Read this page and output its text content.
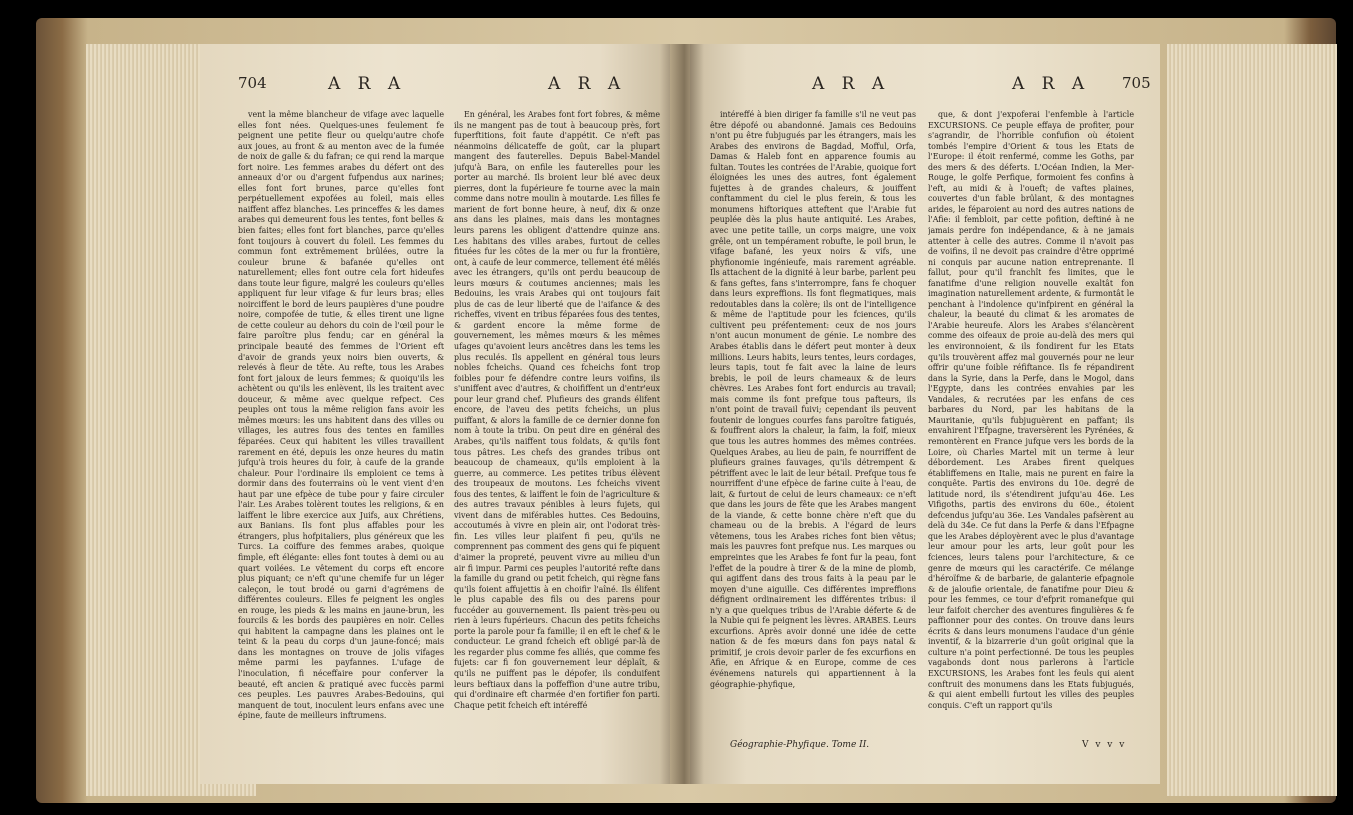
704	A R A	A R A

vent la même blancheur de vifage avec laquelle elles font nées. Quelques-unes feulement fe peignent une petite fleur ou quelqu'autre chofe aux joues, au front & au menton avec de la fumée de noix de galle & du fafran; ce qui rend la marque fort noire. Les femmes arabes du défert ont des anneaux d'or ou d'argent fufpendus aux narines; elles font fort brunes, parce qu'elles font perpétuellement expofées au foleil, mais elles naiffent affez blanches. Les princeffes & les dames arabes qui demeurent fous les tentes, font belles & bien faites; elles font fort blanches, parce qu'elles font toujours à couvert du foleil. Les femmes du commun font extrêmement brûlées, outre la couleur brune & bafanée qu'elles ont naturellement; elles font outre cela fort hideufes dans toute leur figure, malgré les couleurs qu'elles appliquent fur leur vifage & fur leurs bras; elles noirciffent le bord de leurs paupières d'une poudre noire, compofée de tutie, & elles tirent une ligne de cette couleur au dehors du coin de l'œil pour le faire paroître plus fendu; car en général la principale beauté des femmes de l'Orient eft d'avoir de grands yeux noirs bien ouverts, & relevés à fleur de tête. Au refte, tous les Arabes font fort jaloux de leurs femmes; & quoiqu'ils les achètent ou qu'ils les enlèvent, ils les traitent avec douceur, & même avec quelque refpect. Ces peuples ont tous la même religion fans avoir les mêmes mœurs: les uns habitent dans des villes ou villages, les autres fous des tentes en familles féparées. Ceux qui habitent les villes travaillent rarement en été, depuis les onze heures du matin jufqu'à trois heures du foir, à caufe de la grande chaleur. Pour l'ordinaire ils emploient ce tems à dormir dans des fouterrains où le vent vient d'en haut par une efpèce de tube pour y faire circuler l'air. Les Arabes tolèrent toutes les religions, & en laiffent le libre exercice aux Juifs, aux Chrétiens, aux Banians. Ils font plus affables pour les étrangers, plus hofpitaliers, plus généreux que les Turcs. La coiffure des femmes arabes, quoique fimple, eft élégante: elles font toutes à demi ou au quart voilées. Le vêtement du corps eft encore plus piquant; ce n'eft qu'une chemife fur un léger caleçon, le tout brodé ou garni d'agrémens de différentes couleurs. Elles fe peignent les ongles en rouge, les pieds & les mains en jaune-brun, les fourcils & les bords des paupières en noir. Celles qui habitent la campagne dans les plaines ont le teint & la peau du corps d'un jaune-foncé; mais dans les montagnes on trouve de jolis vifages même parmi les payfannes. L'ufage de l'inoculation, fi néceffaire pour conferver la beauté, eft ancien & pratiqué avec fuccès parmi ces peuples. Les pauvres Arabes-Bedouins, qui manquent de tout, inoculent leurs enfans avec une épine, faute de meilleurs inftrumens.

En général, les Arabes font fort fobres, & même ils ne mangent pas de tout à beaucoup près, fort fuperftitions, foit faute d'appétit. Ce n'eft pas néanmoins délicateffe de goût, car la plupart mangent des fauterelles. Depuis Babel-Mandel jufqu'à Bara, on enfile les fauterelles pour les porter au marché. Ils broient leur blé avec deux pierres, dont la fupérieure fe tourne avec la main comme dans notre moulin à moutarde. Les filles fe marient de fort bonne heure, à neuf, dix & onze ans dans les plaines, mais dans les montagnes leurs parens les obligent d'attendre quinze ans. Les habitans des villes arabes, furtout de celles fituées fur les côtes de la mer ou fur la frontière, ont, à caufe de leur commerce, tellement été mêlés avec les étrangers, qu'ils ont perdu beaucoup de leurs mœurs & coutumes anciennes; mais les Bedouins, les vrais Arabes qui ont toujours fait plus de cas de leur liberté que de l'aifance & des richeffes, vivent en tribus féparées fous des tentes, & gardent encore la même forme de gouvernement, les mêmes mœurs & les mêmes ufages qu'avoient leurs ancêtres dans les tems les plus reculés. Ils appellent en général tous leurs nobles fcheichs. Quand ces fcheichs font trop foibles pour fe défendre contre leurs voifins, ils s'uniffent avec d'autres, & choififfent un d'entr'eux pour leur grand chef. Plufieurs des grands élifent encore, de l'aveu des petits fcheichs, un plus puiffant, & alors la famille de ce dernier donne fon nom à toute la tribu. On peut dire en général des Arabes, qu'ils naiffent tous foldats, & qu'ils font tous pâtres. Les chefs des grandes tribus ont beaucoup de chameaux, qu'ils emploient à la guerre, au commerce. Les petites tribus élèvent des troupeaux de moutons. Les fcheichs vivent fous des tentes, & laiffent le foin de l'agriculture & des autres travaux pénibles à leurs fujets, qui vivent dans de miférables huttes. Ces Bedouins, accoutumés à vivre en plein air, ont l'odorat très-fin. Les villes leur plaifent fi peu, qu'ils ne comprennent pas comment des gens qui fe piquent d'aimer la propreté, peuvent vivre au milieu d'un air fi impur. Parmi ces peuples l'autorité refte dans la famille du grand ou petit fcheich, qui règne fans qu'ils foient affujettis à en choifir l'aîné. Ils élifent le plus capable des fils ou des parens pour fuccéder au gouvernement. Ils paient très-peu ou rien à leurs fupérieurs. Chacun des petits fcheichs porte la parole pour fa famille; il en eft le chef & le conducteur. Le grand fcheich eft obligé par-là de les regarder plus comme fes alliés, que comme fes fujets: car fi fon gouvernement leur déplaît, & qu'ils ne puiffent pas le dépofer, ils conduifent leurs beftiaux dans la poffeffion d'une autre tribu, qui d'ordinaire eft charmée d'en fortifier fon parti. Chaque petit fcheich eft intéreffé

A R A	A R A 705

intéreffé à bien diriger fa famille s'il ne veut pas être dépofé ou abandonné. Jamais ces Bedouins n'ont pu être fubjugués par les étrangers, mais les Arabes des environs de Bagdad, Mofful, Orfa, Damas & Haleb font en apparence foumis au fultan. Toutes les contrées de l'Arabie, quoique fort éloignées les unes des autres, font également fujettes à de grandes chaleurs, & jouiffent conftamment du ciel le plus ferein, & tous les monumens hiftoriques atteftent que l'Arabie fut peuplée dès la plus haute antiquité. Les Arabes, avec une petite taille, un corps maigre, une voix grêle, ont un tempérament robufte, le poil brun, le vifage bafané, les yeux noirs & vifs, une phyfionomie ingénieufe, mais rarement agréable. Ils attachent de la dignité à leur barbe, parlent peu & fans geftes, fans s'interrompre, fans fe choquer dans leurs expreffions. Ils font flegmatiques, mais redoutables dans la colère; ils ont de l'intelligence & même de l'aptitude pour les fciences, qu'ils cultivent peu préfentement: ceux de nos jours n'ont aucun monument de génie. Le nombre des Arabes établis dans le défert peut monter à deux millions. Leurs habits, leurs tentes, leurs cordages, leurs tapis, tout fe fait avec la laine de leurs brebis, le poil de leurs chameaux & de leurs chèvres. Les Arabes font fort endurcis au travail; mais comme ils font prefque tous pafteurs, ils n'ont point de travail fuivi; cependant ils peuvent foutenir de longues courfes fans paroître fatigués, & fouffrent alors la chaleur, la faim, la foif, mieux que tous les autres hommes des mêmes contrées. Quelques Arabes, au lieu de pain, fe nourriffent de plufieurs graines fauvages, qu'ils détrempent & pétriffent avec le lait de leur bétail. Prefque tous fe nourriffent d'une efpèce de farine cuite à l'eau, de lait, & furtout de celui de leurs chameaux: ce n'eft que dans les jours de fête que les Arabes mangent de la viande, & cette bonne chère n'eft que du chameau ou de la brebis. A l'égard de leurs vêtemens, tous les Arabes riches font bien vêtus; mais les pauvres font prefque nus. Les marques ou empreintes que les Arabes fe font fur la peau, font l'effet de la poudre à tirer & de la mine de plomb, qui agiffent dans des trous faits à la peau par le moyen d'une aiguille. Ces différentes impreffions défignent ordinairement les différentes tribus: il n'y a que quelques tribus de l'Arabie déferte & de la Nubie qui fe peignent les lèvres. ARABES. Leurs excurfions. Après avoir donné une idée de cette nation & de fes mœurs dans fon pays natal & primitif, je crois devoir parler de fes excurfions en Afie, en Afrique & en Europe, comme de ces événemens naturels qui appartiennent à la géographie-phyfique,

que, & dont j'expoferai l'enfemble à l'article EXCURSIONS. Ce peuple effaya de profiter, pour s'agrandir, de l'horrible confufion où étoient tombés l'empire d'Orient & tous les Etats de l'Europe: il étoit renfermé, comme les Goths, par des mers & des déferts. L'Océan Indien, la Mer-Rouge, le golfe Perfique, formoient fes confins à l'eft, au midi & à l'oueft; de vaftes plaines, couvertes d'un fable brûlant, & des montagnes arides, le féparoient au nord des autres nations de l'Afie: il fembloit, par cette pofition, deftiné à ne jamais perdre fon indépendance, & à ne jamais attenter à celle des autres. Comme il n'avoit pas de voifins, il ne devoit pas craindre d'être opprimé ni conquis par aucune nation entreprenante. Il fallut, pour qu'il franchît fes limites, que le fanatifme d'une religion nouvelle exaltât fon imagination naturellement ardente, & furmontât le penchant à l'indolence qu'infpirent en général la chaleur, la beauté du climat & les aromates de l'Arabie heureufe. Alors les Arabes s'élancèrent comme des oifeaux de proie au-delà des mers qui les environnoient, & ils fondirent fur les Etats qu'ils trouvèrent affez mal gouvernés pour ne leur offrir qu'une foible réfiftance. Ils fe répandirent dans la Syrie, dans la Perfe, dans le Mogol, dans l'Egypte, dans les contrées envahies par les Vandales, & recrutées par les enfans de ces barbares du Nord, par les habitans de la Mauritanie, qu'ils fubjuguèrent en paffant; ils envahirent l'Efpagne, traversèrent les Pyrénées, & remontèrent en France jufque vers les bords de la Loire, où Charles Martel mit un terme à leur débordement. Les Arabes firent quelques établiffemens en Italie, mais ne purent en faire la conquête. Partis des environs du 10e. degré de latitude nord, ils s'étendirent jufqu'au 46e. Les Vifigoths, partis des environs du 60e., étoient defcendus jufqu'au 36e. Les Vandales pafsèrent au delà du 34e. Ce fut dans la Perfe & dans l'Efpagne que les Arabes déployèrent avec le plus d'avantage leur amour pour les arts, leur goût pour les fciences, leurs talens pour l'architecture, & ce genre de mœurs qui les caractérife. Ce mélange d'héroïfme & de barbarie, de galanterie efpagnole & de jaloufie orientale, de fanatifme pour Dieu & pour les femmes, ce tour d'efprit romanefque qui leur faifoit chercher des aventures fingulières & fe paffionner pour des contes. On trouve dans leurs écrits & dans leurs monumens l'audace d'un génie inventif, & la bizarrerie d'un goût original que la culture n'a point perfectionné. De tous les peuples vagabonds dont nous parlerons à l'article EXCURSIONS, les Arabes font les feuls qui aient conftruit des monumens dans les Etats fubjugués, & qui aient embelli furtout les villes des peuples conquis. C'eft un rapport qu'ils

Géographie-Phyfique. Tome II.	V v v v
